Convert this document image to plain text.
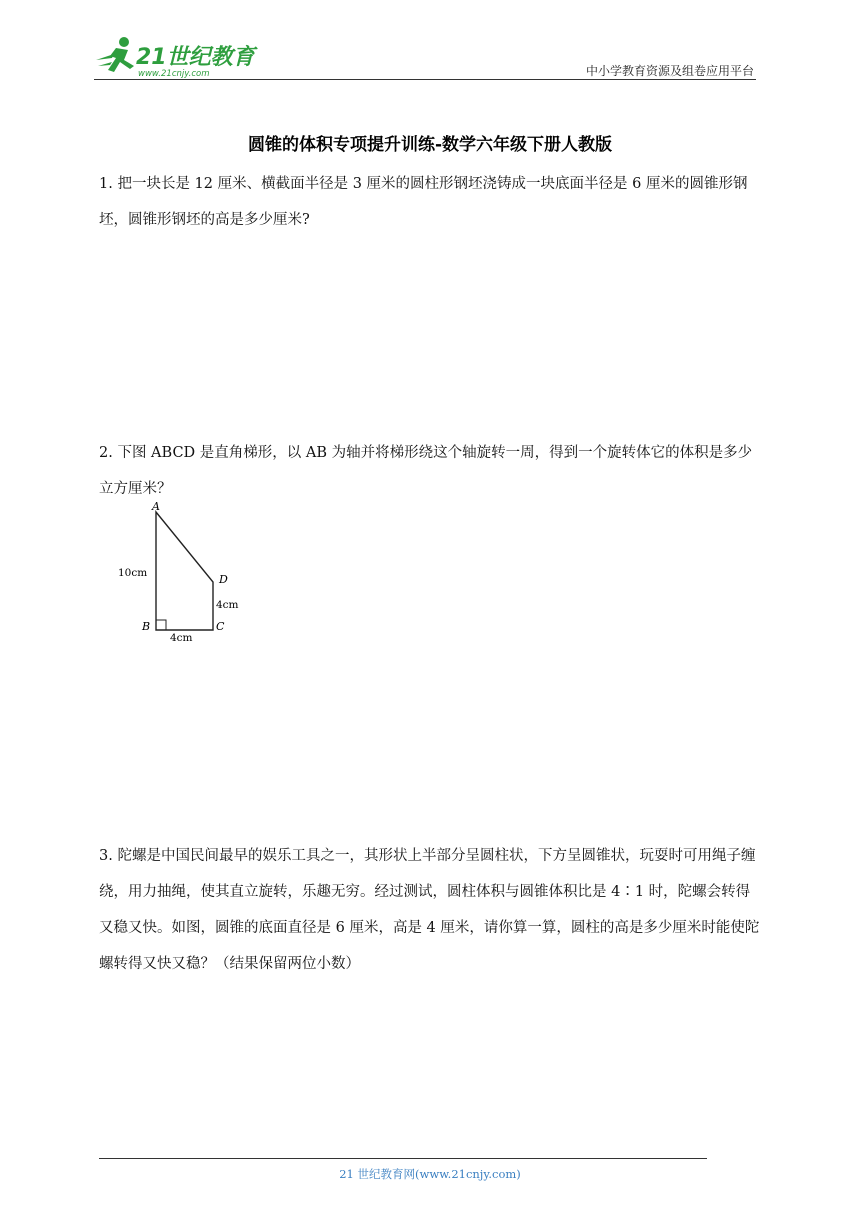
21世纪教育
www.21cnjy.com	中小学教育资源及组卷应用平台
圆锥的体积专项提升训练-数学六年级下册人教版
1. 把一块长是 12 厘米、横截面半径是 3 厘米的圆柱形钢坯浇铸成一块底面半径是 6 厘米的圆锥形钢坯，圆锥形钢坯的高是多少厘米?
2. 下图 ABCD 是直角梯形，以 AB 为轴并将梯形绕这个轴旋转一周，得到一个旋转体它的体积是多少立方厘米？
A
B	C
D
10cm
4cm
4cm
3. 陀螺是中国民间最早的娱乐工具之一，其形状上半部分呈圆柱状，下方呈圆锥状，玩耍时可用绳子缠绕，用力抽绳，使其直立旋转，乐趣无穷。经过测试，圆柱体积与圆锥体积比是 4∶1 时，陀螺会转得又稳又快。如图，圆锥的底面直径是 6 厘米，高是 4 厘米，请你算一算，圆柱的高是多少厘米时能使陀螺转得又快又稳？（结果保留两位小数）
21 世纪教育网(www.21cnjy.com)
